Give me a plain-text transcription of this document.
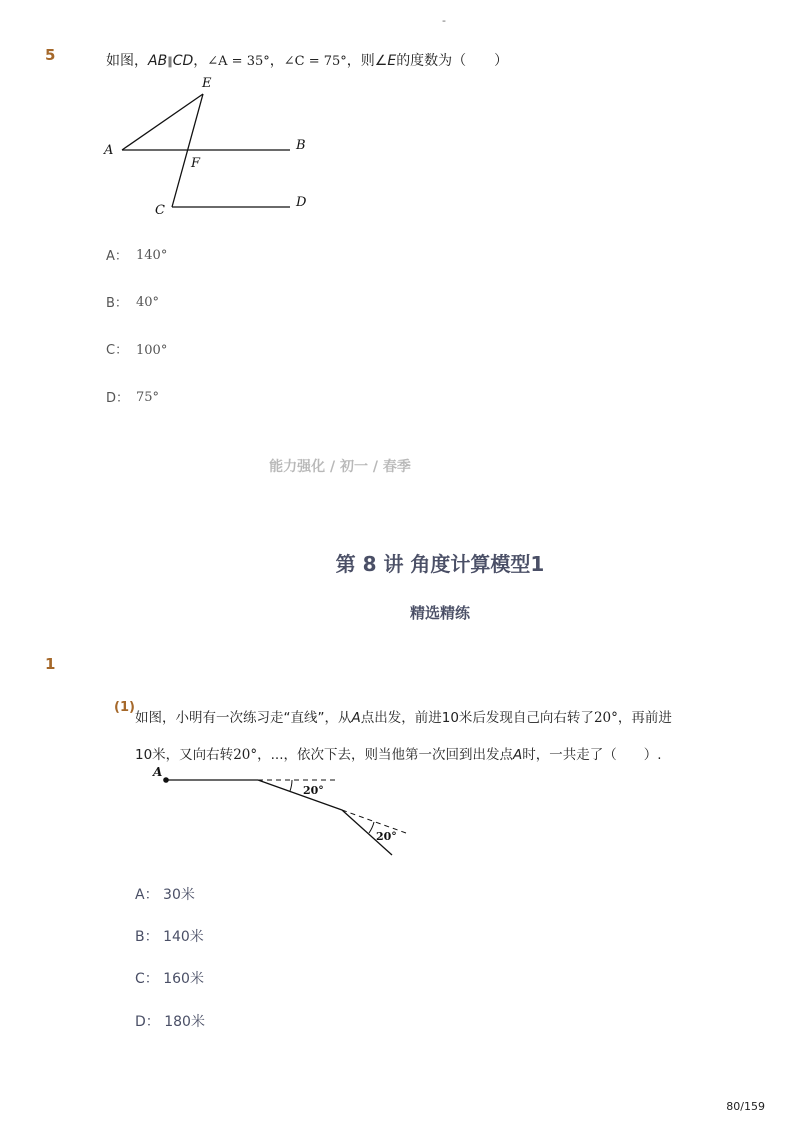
-
5	如图，AB∥CD，∠A = 35°，∠C = 75°，则∠E的度数为（　　）
E
A	B
F
C
D
A： 140°
B： 40°
C： 100°
D： 75°
能力强化 / 初一 / 春季
第 8 讲 角度计算模型1
精选精练
1
(1)
如图，小明有一次练习走“直线”，从A点出发，前进10米后发现自己向右转了20°，再前进
10米，又向右转20°，...，依次下去，则当他第一次回到出发点A时，一共走了（　　）.
A
20°
20°
A： 30米
B： 140米
C： 160米
D： 180米
80/159
